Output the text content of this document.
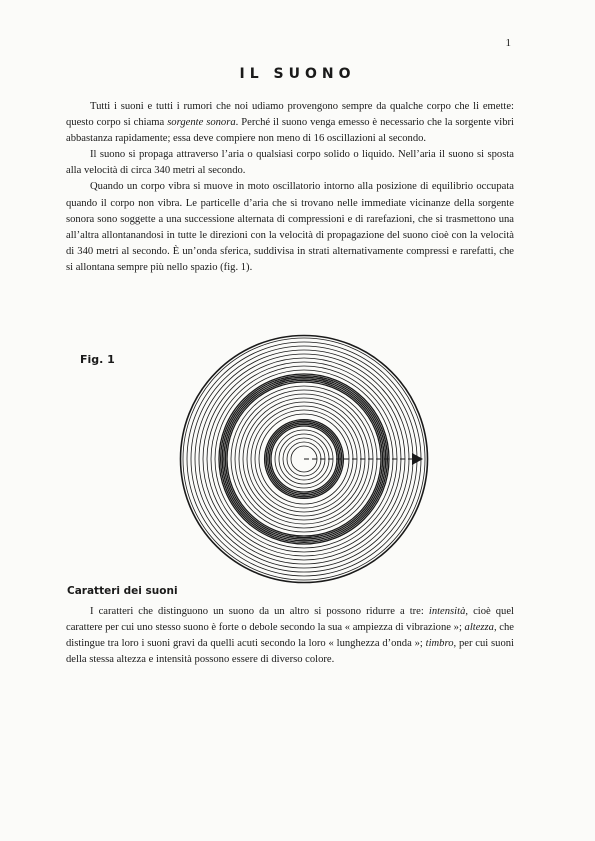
1
IL SUONO

Tutti i suoni e tutti i rumori che noi udiamo provengono sempre da qualche corpo che li emette: questo corpo si chiama sorgente sonora. Perché il suono venga emesso è necessario che la sorgente vibri abbastanza rapidamente; essa deve compiere non meno di 16 oscillazioni al secondo.

Il suono si propaga attraverso l’aria o qualsiasi corpo solido o liquido. Nell’aria il suono si sposta alla velocità di circa 340 metri al secondo.

Quando un corpo vibra si muove in moto oscillatorio intorno alla posizione di equilibrio occupata quando il corpo non vibra. Le particelle d’aria che si trovano nelle immediate vicinanze della sorgente sonora sono soggette a una successione alternata di compressioni e di rarefazioni, che si trasmettono una all’altra allontanandosi in tutte le direzioni con la velocità di propagazione del suono cioè con la velocità di 340 metri al secondo. È un’onda sferica, suddivisa in strati alternativamente compressi e rarefatti, che si allontana sempre più nello spazio (fig. 1).

Fig. 1
Caratteri dei suoni

I caratteri che distinguono un suono da un altro si possono ridurre a tre: intensità, cioè quel carattere per cui uno stesso suono è forte o debole secondo la sua « ampiezza di vibrazione »; altezza, che distingue tra loro i suoni gravi da quelli acuti secondo la loro « lunghezza d’onda »; timbro, per cui suoni della stessa altezza e intensità possono essere di diverso colore.
